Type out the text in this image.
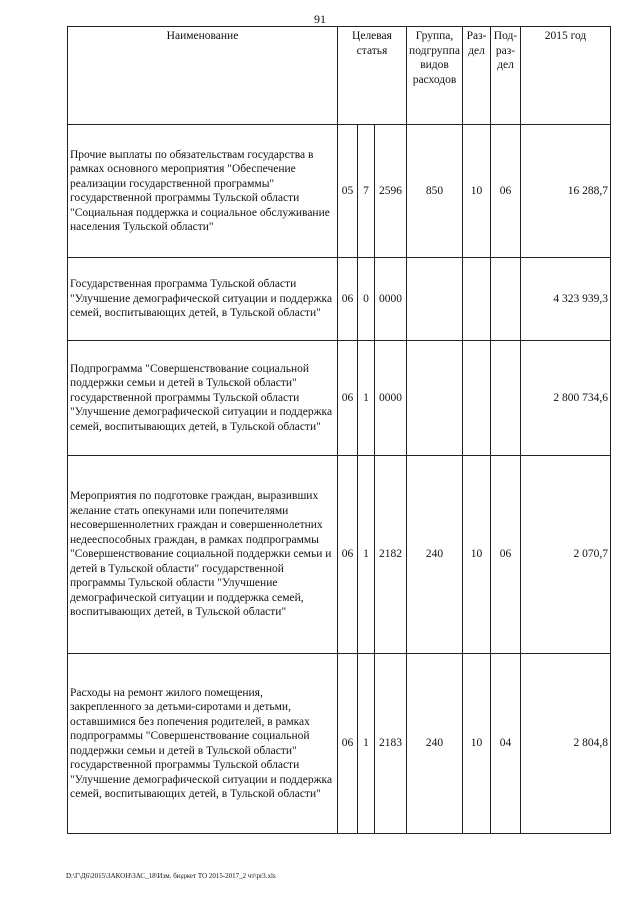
91
Наименование	Целевая статья			Группа, подгруппа видов расходов	Раз-дел	Под-раз-дел	2015 год
Прочие выплаты по обязательствам государства в рамках основного мероприятия "Обеспечение реализации государственной программы" государственной программы Тульской области "Социальная поддержка и социальное обслуживание населения Тульской области"	05	7	2596	850	10	06	16 288,7
Государственная программа Тульской области "Улучшение демографической ситуации и поддержка семей, воспитывающих детей, в Тульской области"	06	0	0000				4 323 939,3
Подпрограмма "Совершенствование социальной поддержки семьи и детей в Тульской области" государственной программы Тульской области "Улучшение демографической ситуации и поддержка семей, воспитывающих детей, в Тульской области"	06	1	0000				2 800 734,6
Мероприятия по подготовке граждан, выразивших желание стать опекунами или попечителями несовершеннолетних граждан и совершеннолетних недееспособных граждан, в рамках подпрограммы "Совершенствование социальной поддержки семьи и детей в Тульской области" государственной программы Тульской области "Улучшение демографической ситуации и поддержка семей, воспитывающих детей, в Тульской области"	06	1	2182	240	10	06	2 070,7
Расходы на ремонт жилого помещения, закрепленного за детьми-сиротами и детьми, оставшимися без попечения родителей, в рамках подпрограммы "Совершенствование социальной поддержки семьи и детей в Тульской области" государственной программы Тульской области "Улучшение демографической ситуации и поддержка семей, воспитывающих детей, в Тульской области"	06	1	2183	240	10	04	2 804,8
D:\Г\Д6\2015\ЗАКОН\ЗАС_18\Изм. бюджет ТО 2015-2017_2 чт\pr3.xls
